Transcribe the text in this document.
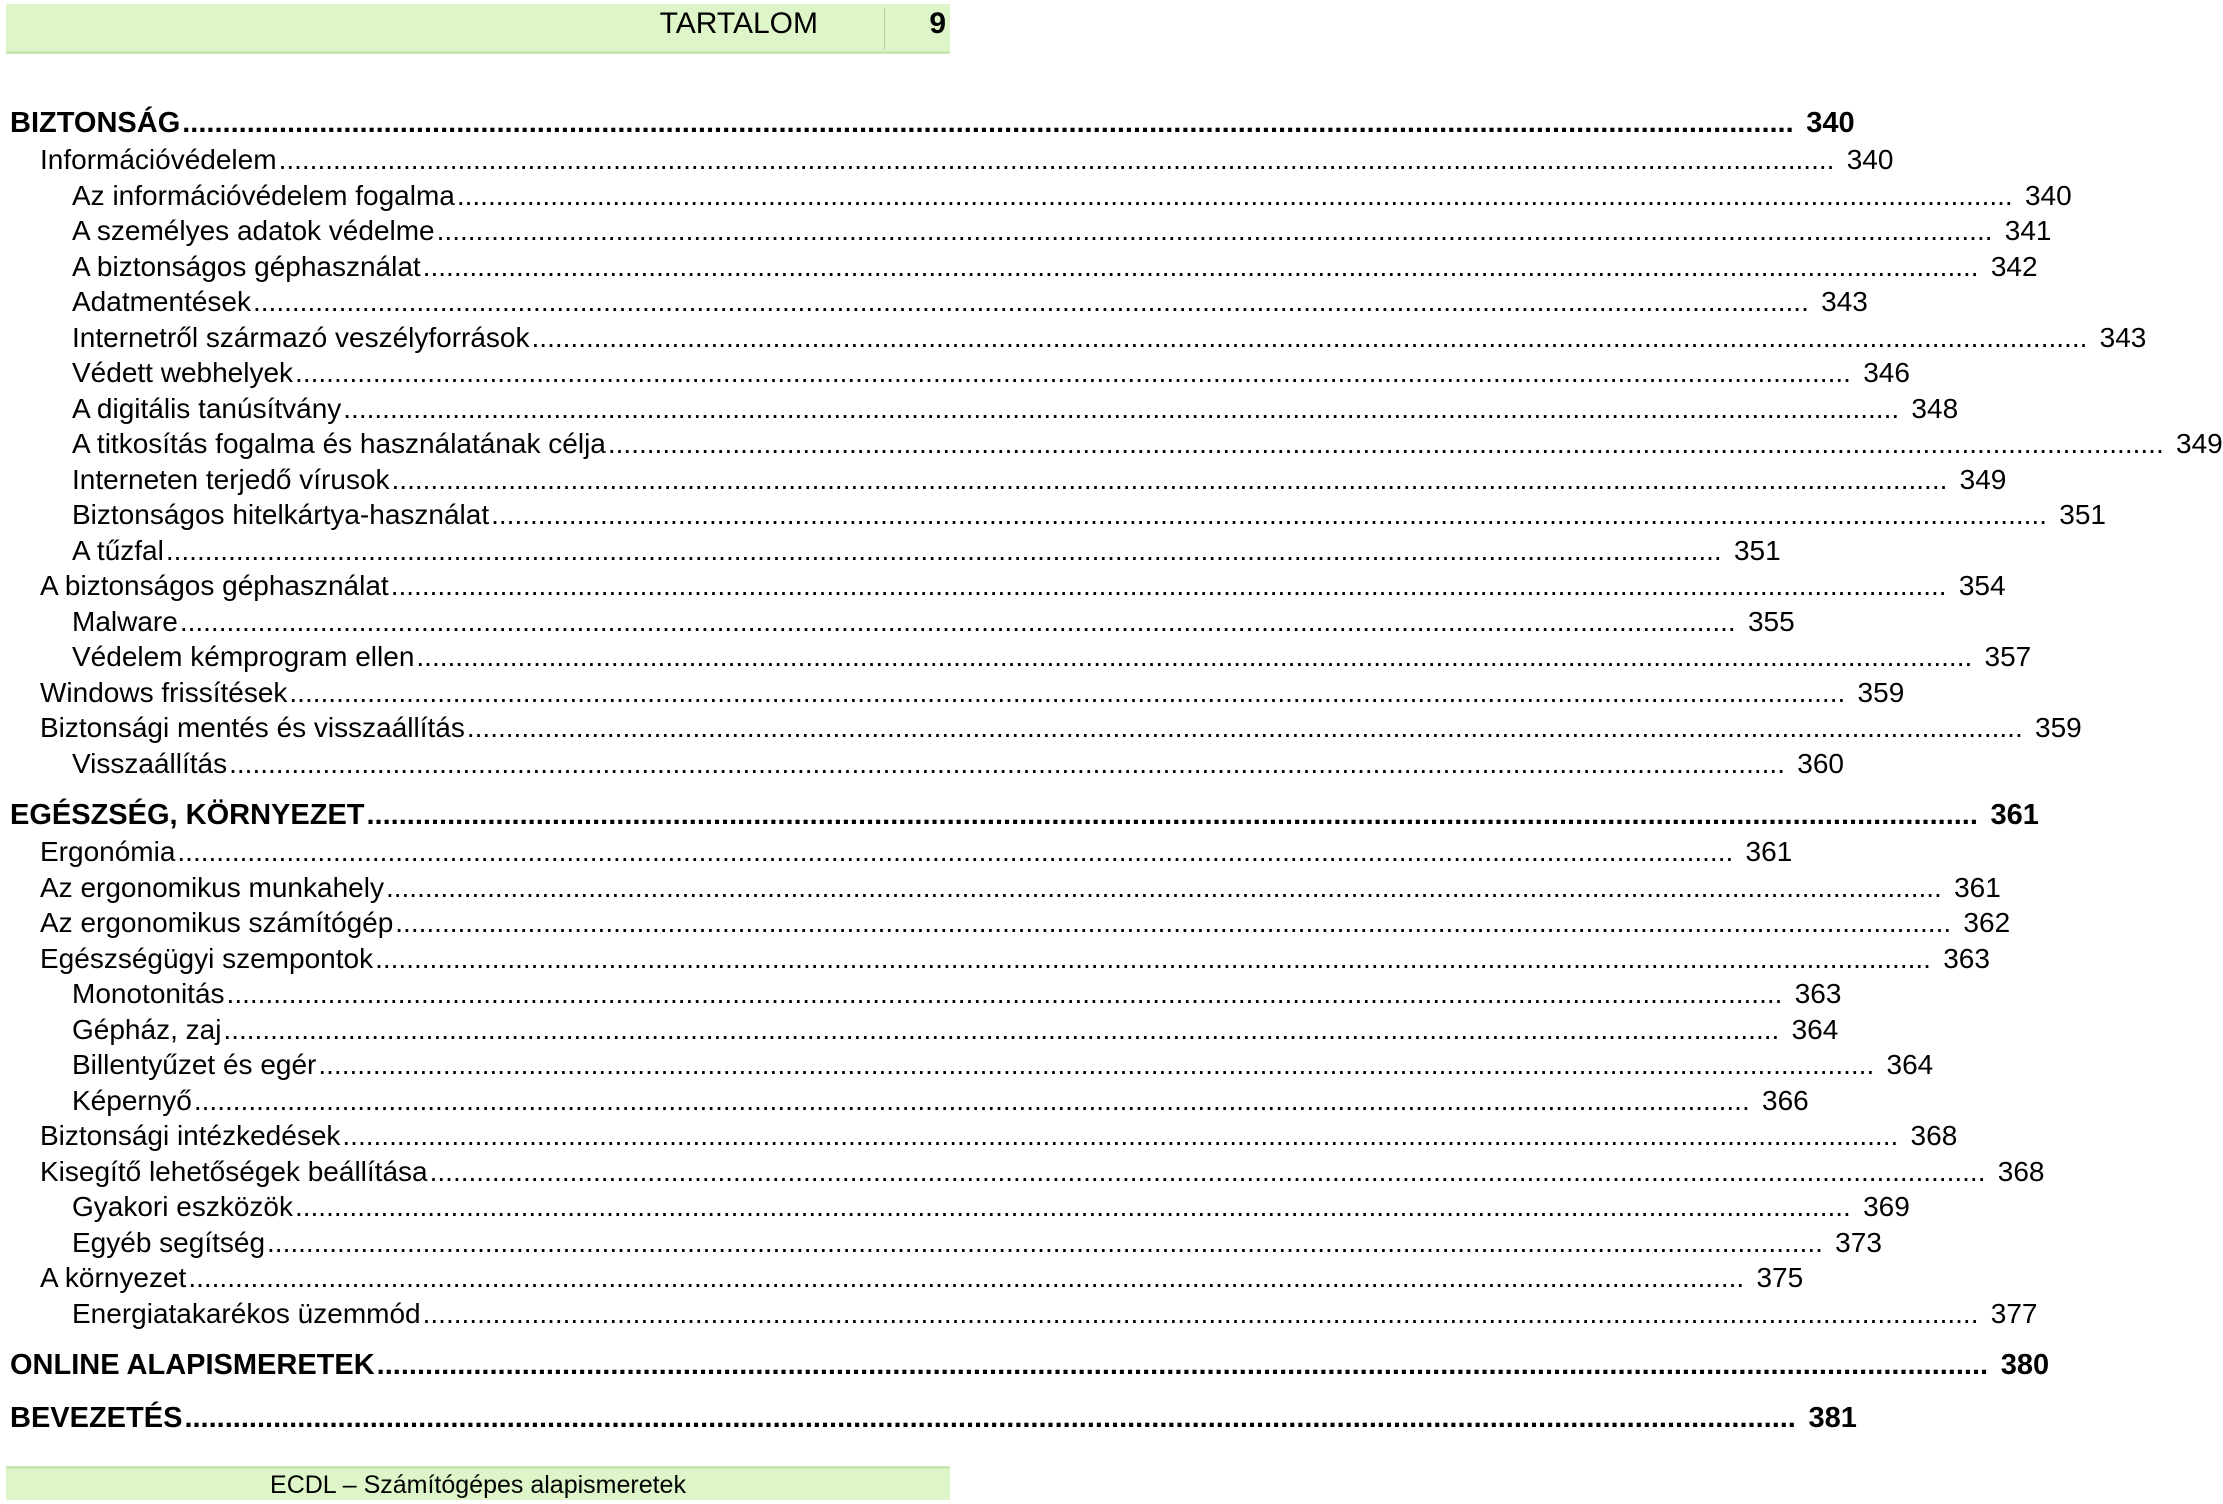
TARTALOM	9
BIZTONSÁG ........................................................................................................................................................................................................ 340
Információvédelem ........................................................................................................................................................................................................ 340
Az információvédelem fogalma ........................................................................................................................................................................................................ 340
A személyes adatok védelme ........................................................................................................................................................................................................ 341
A biztonságos géphasználat ........................................................................................................................................................................................................ 342
Adatmentések ........................................................................................................................................................................................................ 343
Internetről származó veszélyforrások ........................................................................................................................................................................................................ 343
Védett webhelyek ........................................................................................................................................................................................................ 346
A digitális tanúsítvány ........................................................................................................................................................................................................ 348
A titkosítás fogalma és használatának célja ........................................................................................................................................................................................................ 349
Interneten terjedő vírusok ........................................................................................................................................................................................................ 349
Biztonságos hitelkártya-használat ........................................................................................................................................................................................................ 351
A tűzfal ........................................................................................................................................................................................................ 351
A biztonságos géphasználat ........................................................................................................................................................................................................ 354
Malware ........................................................................................................................................................................................................ 355
Védelem kémprogram ellen ........................................................................................................................................................................................................ 357
Windows frissítések ........................................................................................................................................................................................................ 359
Biztonsági mentés és visszaállítás ........................................................................................................................................................................................................ 359
Visszaállítás ........................................................................................................................................................................................................ 360
EGÉSZSÉG, KÖRNYEZET ........................................................................................................................................................................................................ 361
Ergonómia ........................................................................................................................................................................................................ 361
Az ergonomikus munkahely ........................................................................................................................................................................................................ 361
Az ergonomikus számítógép ........................................................................................................................................................................................................ 362
Egészségügyi szempontok ........................................................................................................................................................................................................ 363
Monotonitás ........................................................................................................................................................................................................ 363
Gépház, zaj ........................................................................................................................................................................................................ 364
Billentyűzet és egér ........................................................................................................................................................................................................ 364
Képernyő ........................................................................................................................................................................................................ 366
Biztonsági intézkedések ........................................................................................................................................................................................................ 368
Kisegítő lehetőségek beállítása ........................................................................................................................................................................................................ 368
Gyakori eszközök ........................................................................................................................................................................................................ 369
Egyéb segítség ........................................................................................................................................................................................................ 373
A környezet ........................................................................................................................................................................................................ 375
Energiatakarékos üzemmód ........................................................................................................................................................................................................ 377
ONLINE ALAPISMERETEK ........................................................................................................................................................................................................ 380
BEVEZETÉS ........................................................................................................................................................................................................ 381
ECDL – Számítógépes alapismeretek
